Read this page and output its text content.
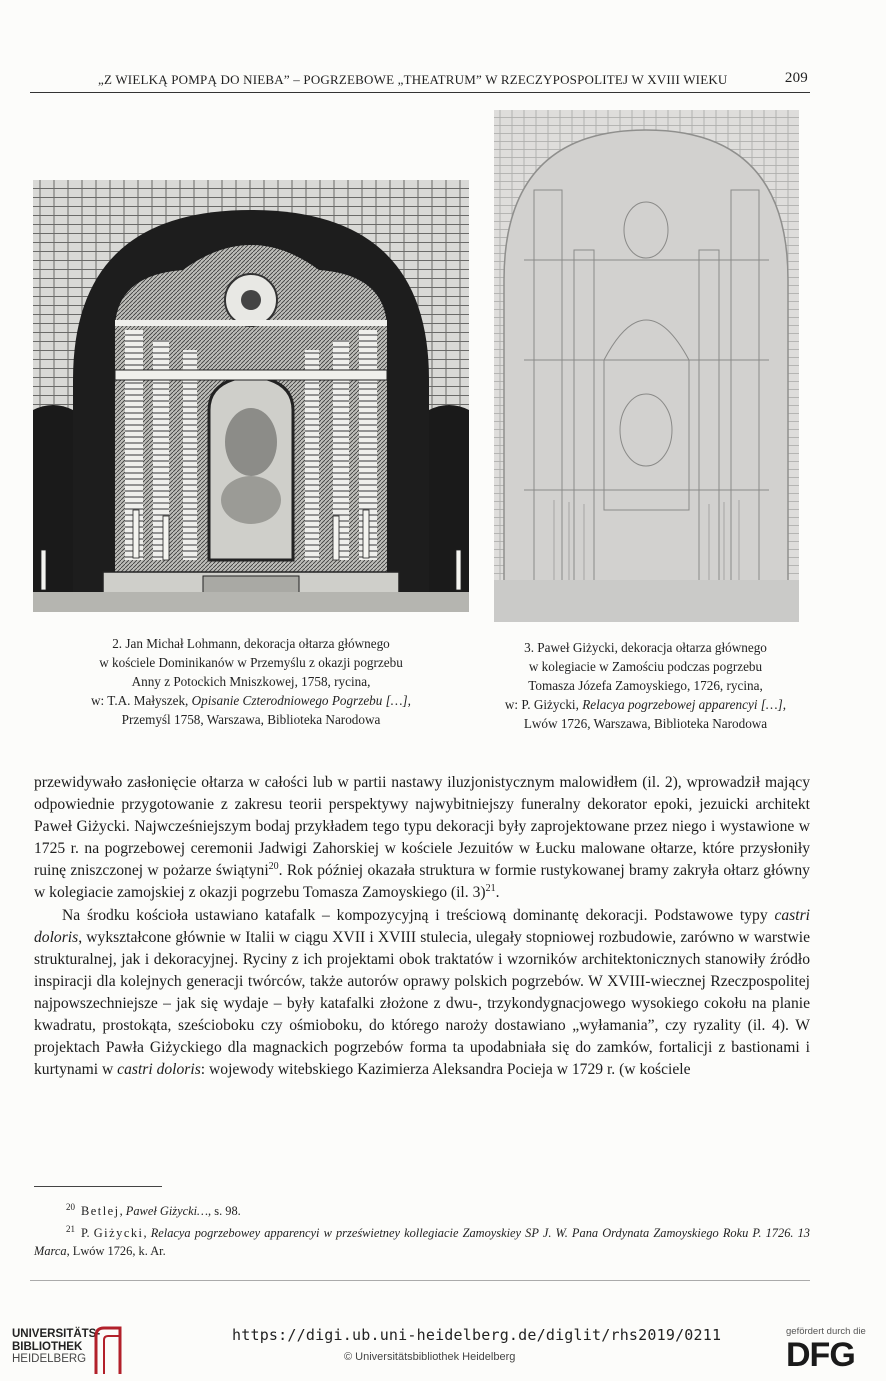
„Z WIELKĄ POMPĄ DO NIEBA” – POGRZEBOWE „THEATRUM” W RZECZYPOSPOLITEJ W XVIII WIEKU	209
2. Jan Michał Lohmann, dekoracja ołtarza głównego
w kościele Dominikanów w Przemyślu z okazji pogrzebu
Anny z Potockich Mniszkowej, 1758, rycina,
w: T.A. Małyszek, Opisanie Czterodniowego Pogrzebu […],
Przemyśl 1758, Warszawa, Biblioteka Narodowa
3. Paweł Giżycki, dekoracja ołtarza głównego
w kolegiacie w Zamościu podczas pogrzebu
Tomasza Józefa Zamoyskiego, 1726, rycina,
w: P. Giżycki, Relacya pogrzebowej apparencyi […],
Lwów 1726, Warszawa, Biblioteka Narodowa

przewidywało zasłonięcie ołtarza w całości lub w partii nastawy iluzjonistycznym malowidłem (il. 2), wprowadził mający odpowiednie przygotowanie z zakresu teorii perspektywy najwybitniejszy funeralny dekorator epoki, jezuicki architekt Paweł Giżycki. Najwcześniejszym bodaj przykładem tego typu dekoracji były zaprojektowane przez niego i wystawione w 1725 r. na pogrzebowej ceremonii Jadwigi Zahorskiej w kościele Jezuitów w Łucku malowane ołtarze, które przysłoniły ruinę zniszczonej w pożarze świątyni$^{20}$. Rok później okazała struktura w formie rustykowanej bramy zakryła ołtarz główny w kolegiacie zamojskiej z okazji pogrzebu Tomasza Zamoyskiego (il. 3)$^{21}$.

Na środku kościoła ustawiano katafalk – kompozycyjną i treściową dominantę dekoracji. Podstawowe typy castri doloris, wykształcone głównie w Italii w ciągu XVII i XVIII stulecia, ulegały stopniowej rozbudowie, zarówno w warstwie strukturalnej, jak i dekoracyjnej. Ryciny z ich projektami obok traktatów i wzorników architektonicznych stanowiły źródło inspiracji dla kolejnych generacji twórców, także autorów oprawy polskich pogrzebów. W XVIII-wiecznej Rzeczpospolitej najpowszechniejsze – jak się wydaje – były katafalki złożone z dwu-, trzykondygnacjowego wysokiego cokołu na planie kwadratu, prostokąta, sześcioboku czy ośmioboku, do którego naroży dostawiano „wyłamania”, czy ryzality (il. 4). W projektach Pawła Giżyckiego dla magnackich pogrzebów forma ta upodabniała się do zamków, fortalicji z bastionami i kurtynami w castri doloris: wojewody witebskiego Kazimierza Aleksandra Pocieja w 1729 r. (w kościele

$^{20}$ Betlej, Paweł Giżycki…, s. 98.

$^{21}$ P. Giżycki, Relacya pogrzebowey apparencyi w prześwietney kollegiacie Zamoyskiey SP J. W. Pana Ordynata Zamoyskiego Roku P. 1726. 13 Marca, Lwów 1726, k. Ar.

UNIVERSITÄTS-
BIBLIOTHEK
HEIDELBERG
https://digi.ub.uni-heidelberg.de/diglit/rhs2019/0211
© Universitätsbibliothek Heidelberg
gefördert durch die
DFG
